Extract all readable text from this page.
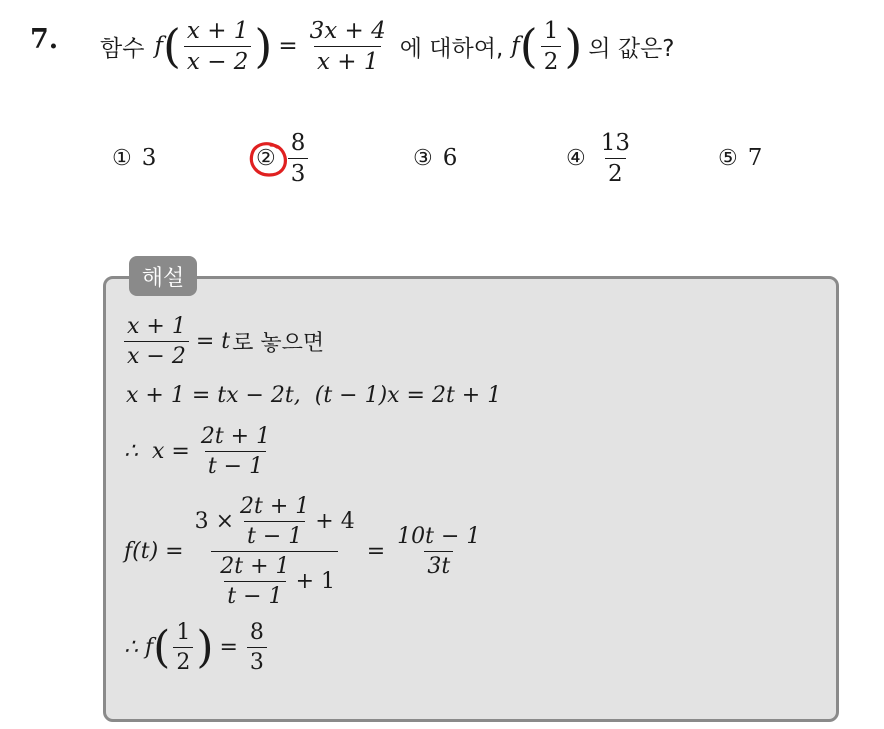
7. 함수 f ( $\frac{x + 1}{x - 2}$ ) = $\frac{3x + 4}{x + 1}$ 에 대하여, f ( $\frac{1}{2}$ ) 의 값은?
① 3	② $\frac{8}{3}$	③ 6	④ $\frac{13}{2}$	⑤ 7
해설
$\frac{x + 1}{x - 2} = t$ 로 놓으면
x + 1 = tx − 2t,  (t − 1)x = 2t + 1
∴  $x = \frac{2t + 1}{t - 1}$
$f(t) = \frac{3 \times \frac{2t + 1}{t - 1} + 4}{\frac{2t + 1}{t - 1} + 1} = \frac{10t - 1}{3t}$
∴ f ( $\frac{1}{2}$ ) = $\frac{8}{3}$
